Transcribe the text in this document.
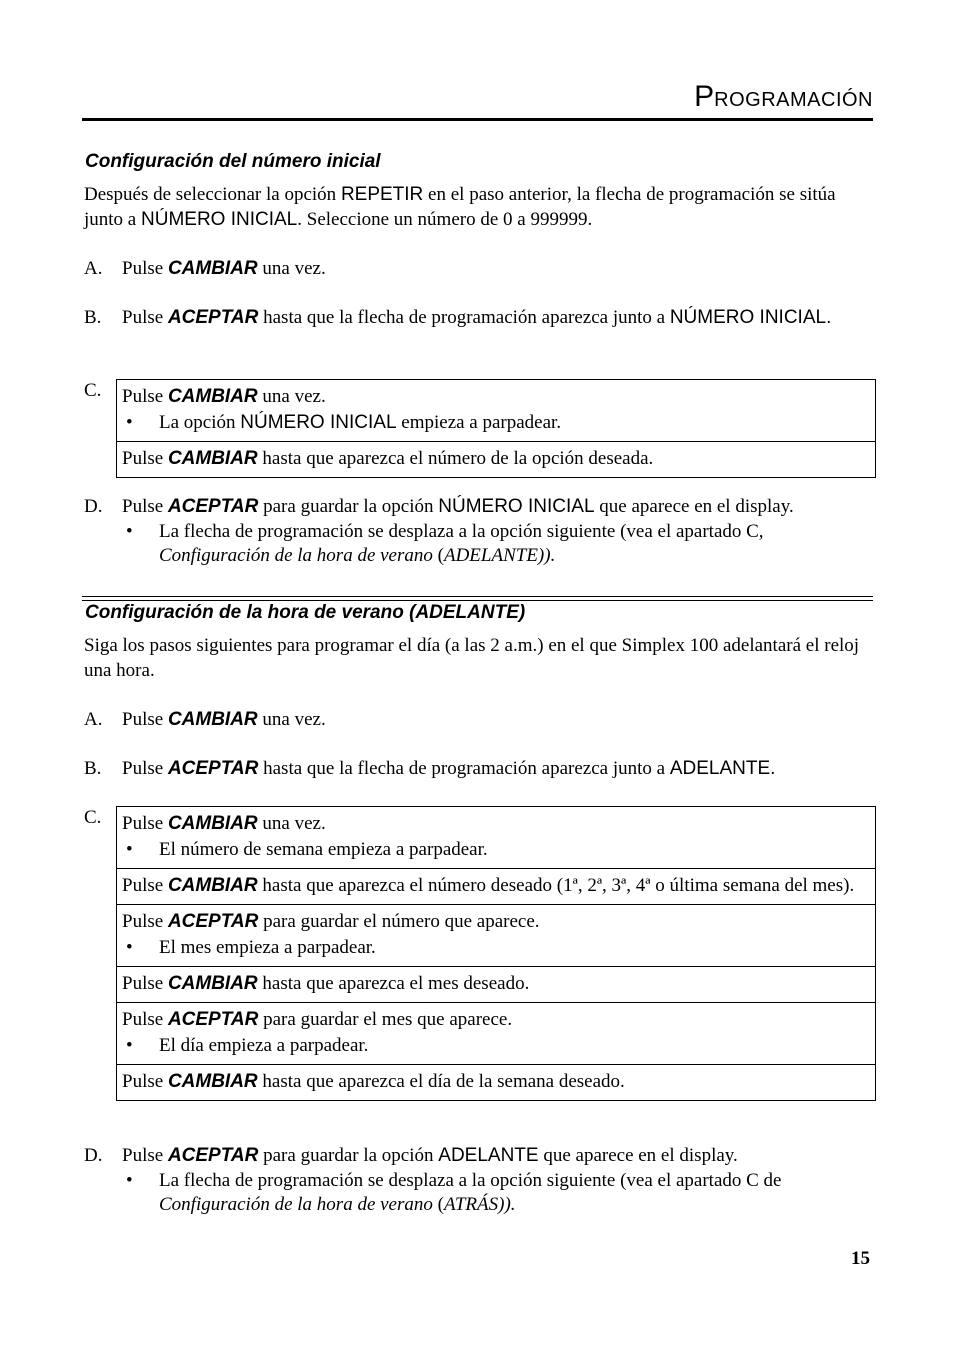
PROGRAMACIÓN
Configuración del número inicial
Después de seleccionar la opción REPETIR en el paso anterior, la flecha de programación se sitúa junto a NÚMERO INICIAL. Seleccione un número de 0 a 999999.
A. Pulse CAMBIAR una vez.
B. Pulse ACEPTAR hasta que la flecha de programación aparezca junto a NÚMERO INICIAL.
C. Pulse CAMBIAR una vez.
• La opción NÚMERO INICIAL empieza a parpadear.
Pulse CAMBIAR hasta que aparezca el número de la opción deseada.
D. Pulse ACEPTAR para guardar la opción NÚMERO INICIAL que aparece en el display.
• La flecha de programación se desplaza a la opción siguiente (vea el apartado C, Configuración de la hora de verano (ADELANTE)).
Configuración de la hora de verano (ADELANTE)
Siga los pasos siguientes para programar el día (a las 2 a.m.) en el que Simplex 100 adelantará el reloj una hora.
A. Pulse CAMBIAR una vez.
B. Pulse ACEPTAR hasta que la flecha de programación aparezca junto a ADELANTE.
C. Pulse CAMBIAR una vez.
• El número de semana empieza a parpadear.
Pulse CAMBIAR hasta que aparezca el número deseado (1ª, 2ª, 3ª, 4ª o última semana del mes).
Pulse ACEPTAR para guardar el número que aparece.
• El mes empieza a parpadear.
Pulse CAMBIAR hasta que aparezca el mes deseado.
Pulse ACEPTAR para guardar el mes que aparece.
• El día empieza a parpadear.
Pulse CAMBIAR hasta que aparezca el día de la semana deseado.
D. Pulse ACEPTAR para guardar la opción ADELANTE que aparece en el display.
• La flecha de programación se desplaza a la opción siguiente (vea el apartado C de Configuración de la hora de verano (ATRÁS)).
15
